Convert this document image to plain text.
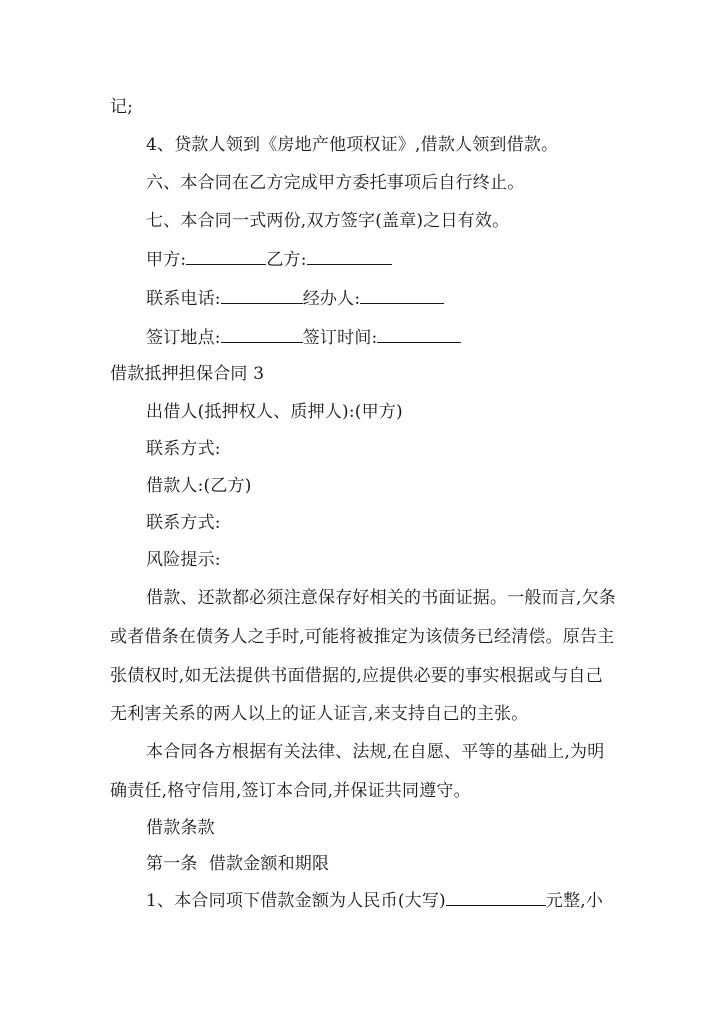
记;
4、贷款人领到《房地产他项权证》,借款人领到借款。
六、本合同在乙方完成甲方委托事项后自行终止。
七、本合同一式两份,双方签字(盖章)之日有效。
甲方:	乙方:
联系电话:	经办人:
签订地点:	签订时间:
借款抵押担保合同 3
出借人(抵押权人、质押人):(甲方)
联系方式:
借款人:(乙方)
联系方式:
风险提示:
借款、还款都必须注意保存好相关的书面证据。一般而言,欠条
或者借条在债务人之手时,可能将被推定为该债务已经清偿。原告主
张债权时,如无法提供书面借据的,应提供必要的事实根据或与自己
无利害关系的两人以上的证人证言,来支持自己的主张。
本合同各方根据有关法律、法规,在自愿、平等的基础上,为明
确责任,格守信用,签订本合同,并保证共同遵守。
借款条款
第一条  借款金额和期限
1、本合同项下借款金额为人民币(大写)	元整,小
